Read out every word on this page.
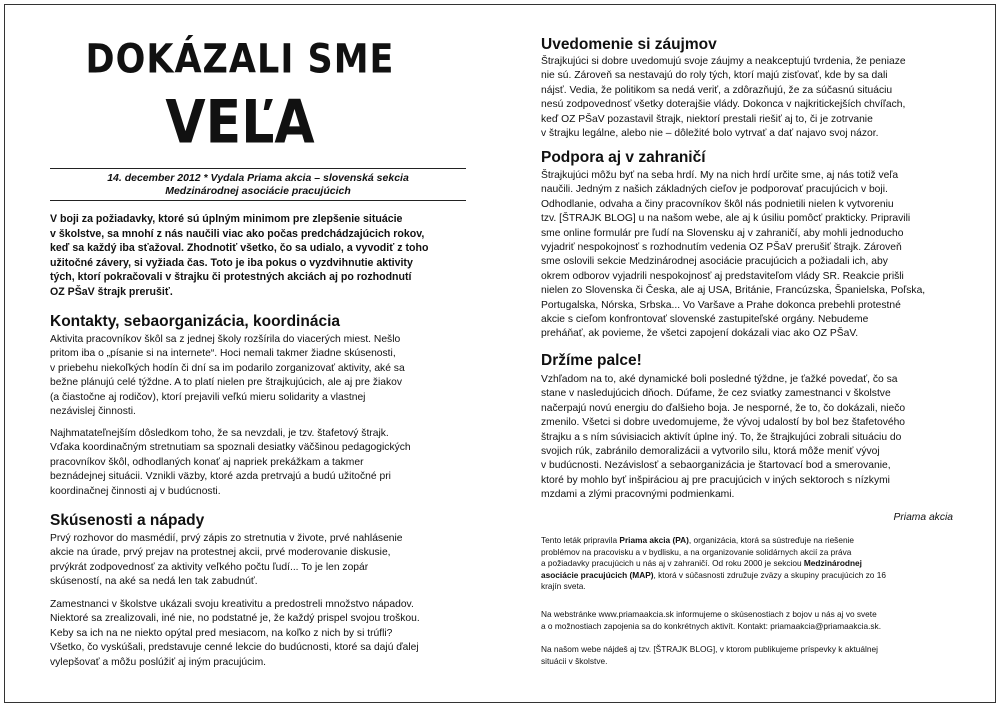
DOKÁZALI SME
VEĽA
14. december 2012 * Vydala Priama akcia – slovenská sekcia
Medzinárodnej asociácie pracujúcich
V boji za požiadavky, ktoré sú úplným minimom pre zlepšenie situácie
v školstve, sa mnohí z nás naučili viac ako počas predchádzajúcich rokov,
keď sa každý iba sťažoval. Zhodnotiť všetko, čo sa udialo, a vyvodiť z toho
užitočné závery, si vyžiada čas. Toto je iba pokus o vyzdvihnutie aktivity
tých, ktorí pokračovali v štrajku či protestných akciách aj po rozhodnutí
OZ PŠaV štrajk prerušiť.
Kontakty, sebaorganizácia, koordinácia
Aktivita pracovníkov škôl sa z jednej školy rozšírila do viacerých miest. Nešlo
pritom iba o „písanie si na internete“. Hoci nemali takmer žiadne skúsenosti,
v priebehu niekoľkých hodín či dní sa im podarilo zorganizovať aktivity, aké sa
bežne plánujú celé týždne. A to platí nielen pre štrajkujúcich, ale aj pre žiakov
(a čiastočne aj rodičov), ktorí prejavili veľkú mieru solidarity a vlastnej
nezávislej činnosti.
Najhmatateľnejším dôsledkom toho, že sa nevzdali, je tzv. štafetový štrajk.
Vďaka koordinačným stretnutiam sa spoznali desiatky väčšinou pedagogických
pracovníkov škôl, odhodlaných konať aj napriek prekážkam a takmer
beznádejnej situácii. Vznikli väzby, ktoré azda pretrvajú a budú užitočné pri
koordinačnej činnosti aj v budúcnosti.
Skúsenosti a nápady
Prvý rozhovor do masmédií, prvý zápis zo stretnutia v živote, prvé nahlásenie
akcie na úrade, prvý prejav na protestnej akcii, prvé moderovanie diskusie,
prvýkrát zodpovednosť za aktivity veľkého počtu ľudí... To je len zopár
skúseností, na aké sa nedá len tak zabudnúť.
Zamestnanci v školstve ukázali svoju kreativitu a predostreli množstvo nápadov.
Niektoré sa zrealizovali, iné nie, no podstatné je, že každý prispel svojou troškou.
Keby sa ich na ne niekto opýtal pred mesiacom, na koľko z nich by si trúfli?
Všetko, čo vyskúšali, predstavuje cenné lekcie do budúcnosti, ktoré sa dajú ďalej
vylepšovať a môžu poslúžiť aj iným pracujúcim.
Uvedomenie si záujmov
Štrajkujúci si dobre uvedomujú svoje záujmy a neakceptujú tvrdenia, že peniaze
nie sú. Zároveň sa nestavajú do roly tých, ktorí majú zisťovať, kde by sa dali
nájsť. Vedia, že politikom sa nedá veriť, a zdôrazňujú, že za súčasnú situáciu
nesú zodpovednosť všetky doterajšie vlády. Dokonca v najkritickejších chvíľach,
keď OZ PŠaV pozastavil štrajk, niektorí prestali riešiť aj to, či je zotrvanie
v štrajku legálne, alebo nie – dôležité bolo vytrvať a dať najavo svoj názor.
Podpora aj v zahraničí
Štrajkujúci môžu byť na seba hrdí. My na nich hrdí určite sme, aj nás totiž veľa
naučili. Jedným z našich základných cieľov je podporovať pracujúcich v boji.
Odhodlanie, odvaha a činy pracovníkov škôl nás podnietili nielen k vytvoreniu
tzv. [ŠTRAJK BLOG] u na našom webe, ale aj k úsiliu pomôcť prakticky. Pripravili
sme online formulár pre ľudí na Slovensku aj v zahraničí, aby mohli jednoducho
vyjadriť nespokojnosť s rozhodnutím vedenia OZ PŠaV prerušiť štrajk. Zároveň
sme oslovili sekcie Medzinárodnej asociácie pracujúcich a požiadali ich, aby
okrem odborov vyjadrili nespokojnosť aj predstaviteľom vlády SR. Reakcie prišli
nielen zo Slovenska či Česka, ale aj USA, Británie, Francúzska, Španielska, Poľska,
Portugalska, Nórska, Srbska... Vo Varšave a Prahe dokonca prebehli protestné
akcie s cieľom konfrontovať slovenské zastupiteľské orgány. Nebudeme
preháňať, ak povieme, že všetci zapojení dokázali viac ako OZ PŠaV.
Držíme palce!
Vzhľadom na to, aké dynamické boli posledné týždne, je ťažké povedať, čo sa
stane v nasledujúcich dňoch. Dúfame, že cez sviatky zamestnanci v školstve
načerpajú novú energiu do ďalšieho boja. Je nesporné, že to, čo dokázali, niečo
zmenilo. Všetci si dobre uvedomujeme, že vývoj udalostí by bol bez štafetového
štrajku a s ním súvisiacich aktivít úplne iný. To, že štrajkujúci zobrali situáciu do
svojich rúk, zabránilo demoralizácii a vytvorilo silu, ktorá môže meniť vývoj
v budúcnosti. Nezávislosť a sebaorganizácia je štartovací bod a smerovanie,
ktoré by mohlo byť inšpiráciou aj pre pracujúcich v iných sektoroch s nízkymi
mzdami a zlými pracovnými podmienkami.
Priama akcia
Tento leták pripravila Priama akcia (PA), organizácia, ktorá sa sústreďuje na riešenie
problémov na pracovisku a v bydlisku, a na organizovanie solidárnych akcií za práva
a požiadavky pracujúcich u nás aj v zahraničí. Od roku 2000 je sekciou Medzinárodnej
asociácie pracujúcich (MAP), ktorá v súčasnosti združuje zväzy a skupiny pracujúcich zo 16
krajín sveta.
Na webstránke www.priamaakcia.sk informujeme o skúsenostiach z bojov u nás aj vo svete
a o možnostiach zapojenia sa do konkrétnych aktivít. Kontakt: priamaakcia@priamaakcia.sk.
Na našom webe nájdeš aj tzv. [ŠTRAJK BLOG], v ktorom publikujeme príspevky k aktuálnej
situácii v školstve.
